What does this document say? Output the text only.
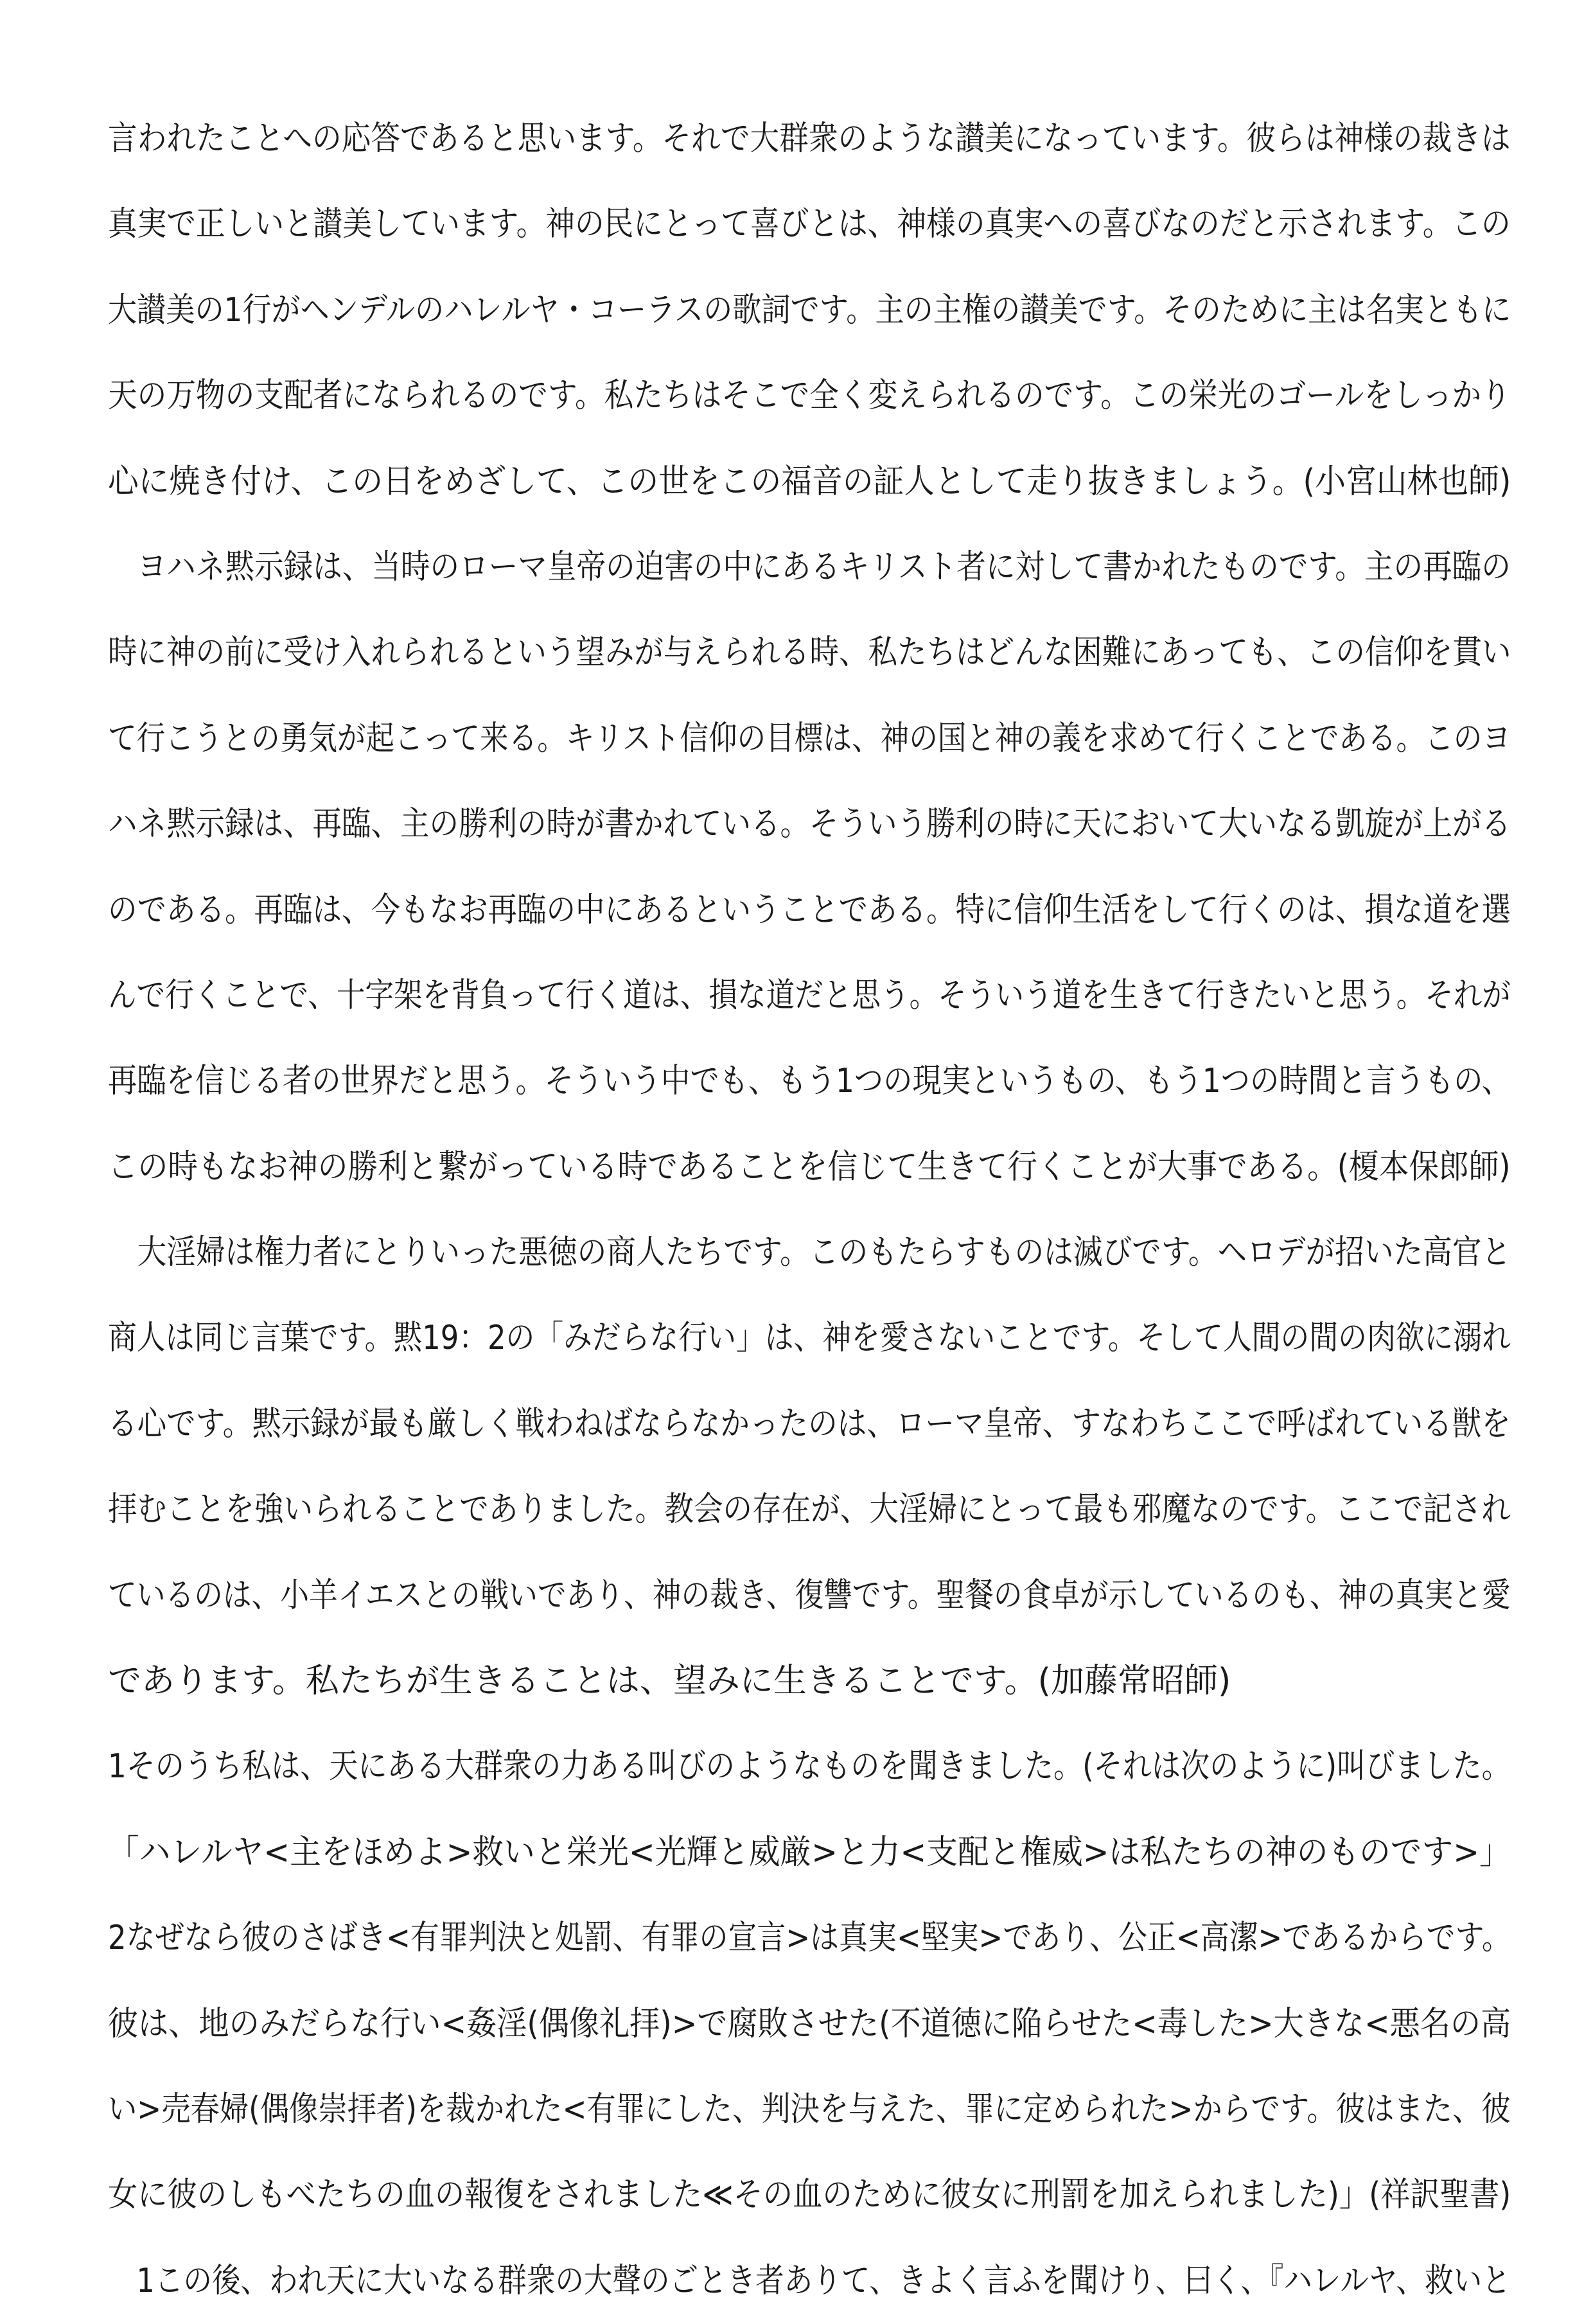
言われたことへの応答であると思います。それで大群衆のような讃美になっています。彼らは神様の裁きは
真実で正しいと讃美しています。神の民にとって喜びとは、神様の真実への喜びなのだと示されます。この
大讃美の1行がヘンデルのハレルヤ・コーラスの歌詞です。主の主権の讃美です。そのために主は名実ともに
天の万物の支配者になられるのです。私たちはそこで全く変えられるのです。この栄光のゴールをしっかり
心に焼き付け、この日をめざして、この世をこの福音の証人として走り抜きましょう。(小宮山林也師)
　ヨハネ黙示録は、当時のローマ皇帝の迫害の中にあるキリスト者に対して書かれたものです。主の再臨の
時に神の前に受け入れられるという望みが与えられる時、私たちはどんな困難にあっても、この信仰を貫い
て行こうとの勇気が起こって来る。キリスト信仰の目標は、神の国と神の義を求めて行くことである。このヨ
ハネ黙示録は、再臨、主の勝利の時が書かれている。そういう勝利の時に天において大いなる凱旋が上がる
のである。再臨は、今もなお再臨の中にあるということである。特に信仰生活をして行くのは、損な道を選
んで行くことで、十字架を背負って行く道は、損な道だと思う。そういう道を生きて行きたいと思う。それが
再臨を信じる者の世界だと思う。そういう中でも、もう1つの現実というもの、もう1つの時間と言うもの、
この時もなお神の勝利と繋がっている時であることを信じて生きて行くことが大事である。(榎本保郎師)
　大淫婦は権力者にとりいった悪徳の商人たちです。このもたらすものは滅びです。ヘロデが招いた高官と
商人は同じ言葉です。黙19：2の「みだらな行い」は、神を愛さないことです。そして人間の間の肉欲に溺れ
る心です。黙示録が最も厳しく戦わねばならなかったのは、ローマ皇帝、すなわちここで呼ばれている獣を
拝むことを強いられることでありました。教会の存在が、大淫婦にとって最も邪魔なのです。ここで記され
ているのは、小羊イエスとの戦いであり、神の裁き、復讐です。聖餐の食卓が示しているのも、神の真実と愛
であります。私たちが生きることは、望みに生きることです。(加藤常昭師)
1そのうち私は、天にある大群衆の力ある叫びのようなものを聞きました。(それは次のように)叫びました。
「ハレルヤ<主をほめよ>救いと栄光<光輝と威厳>と力<支配と権威>は私たちの神のものです>」
2なぜなら彼のさばき<有罪判決と処罰、有罪の宣言>は真実<堅実>であり、公正<高潔>であるからです。
彼は、地のみだらな行い<姦淫(偶像礼拝)>で腐敗させた(不道徳に陥らせた<毒した>大きな<悪名の高
い>売春婦(偶像崇拝者)を裁かれた<有罪にした、判決を与えた、罪に定められた>からです。彼はまた、彼
女に彼のしもべたちの血の報復をされました≪その血のために彼女に刑罰を加えられました)」(祥訳聖書)
　1この後、われ天に大いなる群衆の大聲のごとき者ありて、きよく言ふを聞けり、曰く、『ハレルヤ、救いと
